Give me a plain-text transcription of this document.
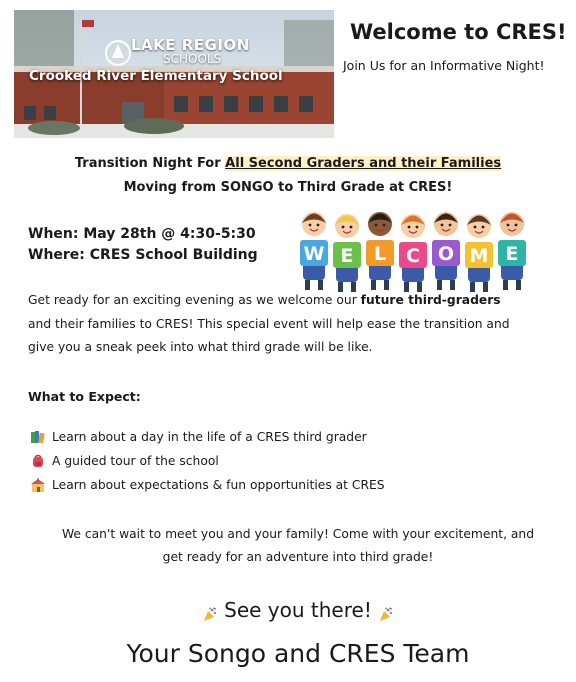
LAKE REGION
SCHOOLS
Crooked River Elementary School
Welcome to CRES!
Join Us for an Informative Night!
Transition Night For All Second Graders and their Families
Moving from SONGO to Third Grade at CRES!
When: May 28th @ 4:30-5:30
Where: CRES School Building W E L C O M E
Get ready for an exciting evening as we welcome our future third-graders
and their families to CRES! This special event will help ease the transition and
give you a sneak peek into what third grade will be like.
What to Expect:
Learn about a day in the life of a CRES third grader
A guided tour of the school
Learn about expectations & fun opportunities at CRES
We can't wait to meet you and your family! Come with your excitement, and
get ready for an adventure into third grade!
See you there!
Your Songo and CRES Team
